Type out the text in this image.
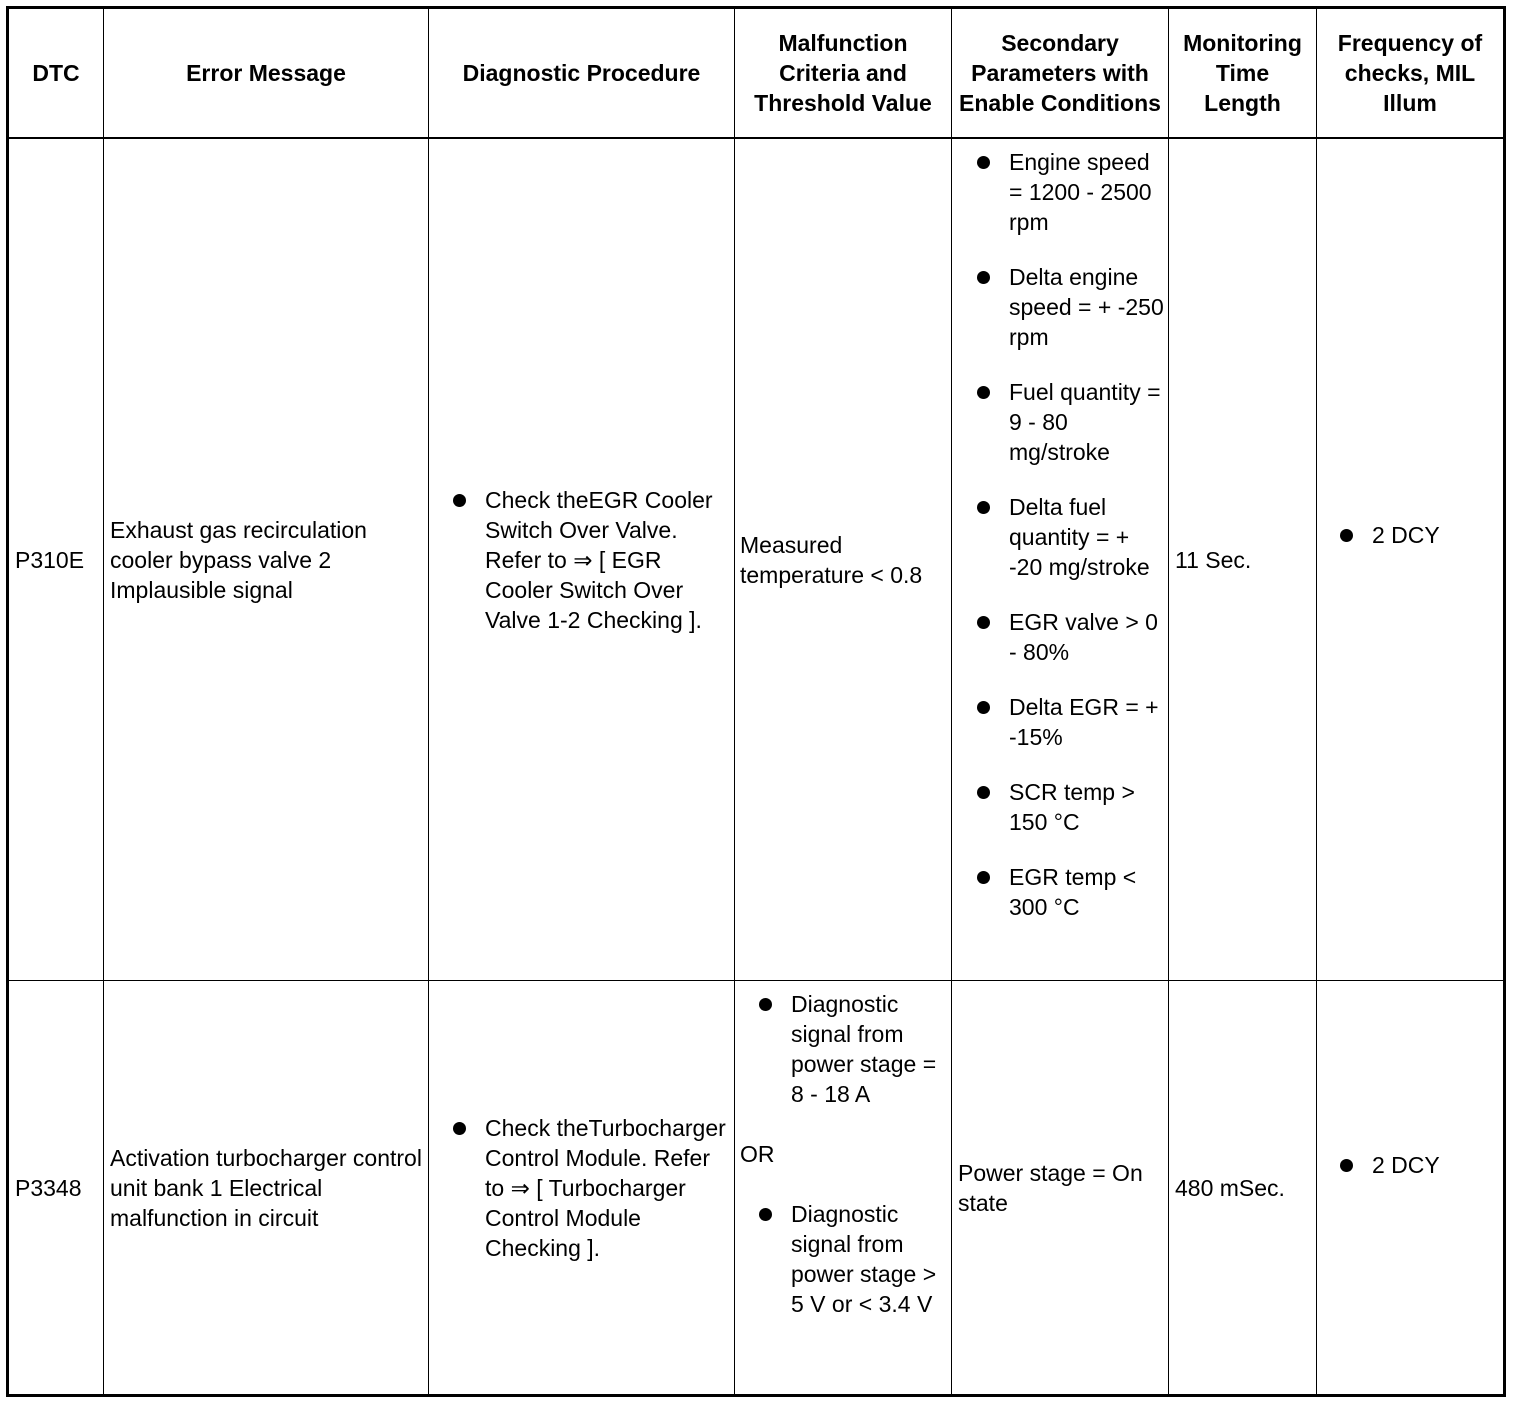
DTC	Error Message	Diagnostic Procedure
Malfunction Criteria and Threshold Value
Secondary Parameters with Enable Conditions
Monitoring Time Length
Frequency of checks, MIL Illum
P310E
Exhaust gas recirculation cooler bypass valve 2 Implausible signal
Check theEGR Cooler Switch Over Valve. Refer to ⇒ [ EGR Cooler Switch Over Valve 1-2 Checking ].
Measured temperature < 0.8
Engine speed = 1200 - 2500 rpm
Delta engine speed = + -250 rpm
Fuel quantity = 9 - 80 mg/stroke
Delta fuel quantity = + -20 mg/stroke
EGR valve > 0 - 80%
Delta EGR = + -15%
SCR temp > 150 °C
EGR temp < 300 °C
11 Sec.
2 DCY
P3348
Activation turbocharger control unit bank 1 Electrical malfunction in circuit
Check theTurbocharger Control Module. Refer to ⇒ [ Turbocharger Control Module Checking ].
Diagnostic signal from power stage = 8 - 18 A
OR
Diagnostic signal from power stage > 5 V or < 3.4 V
Power stage = On state
480 mSec.
2 DCY
